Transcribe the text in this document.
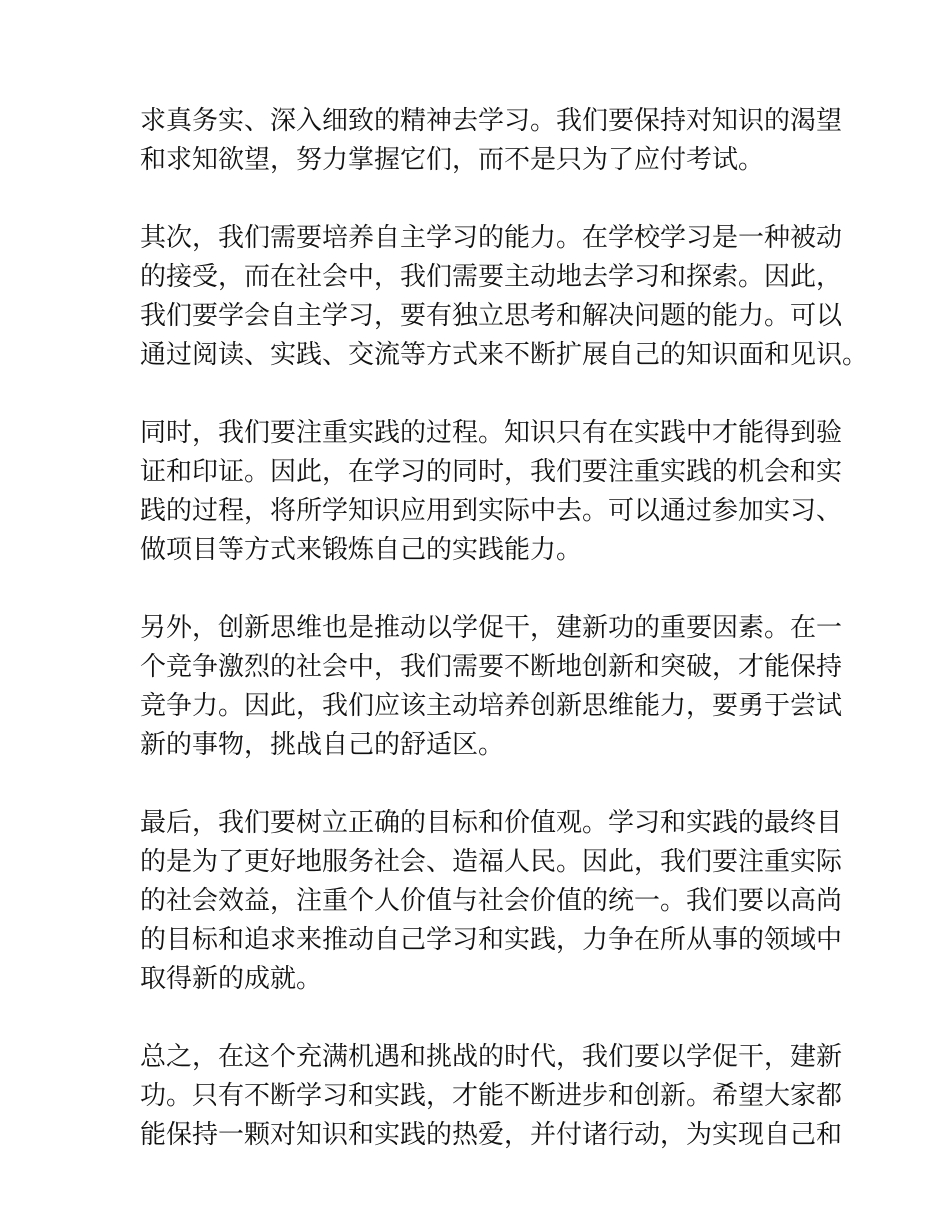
求真务实、深入细致的精神去学习。我们要保持对知识的渴望
和求知欲望，努力掌握它们，而不是只为了应付考试。
其次，我们需要培养自主学习的能力。在学校学习是一种被动
的接受，而在社会中，我们需要主动地去学习和探索。因此，
我们要学会自主学习，要有独立思考和解决问题的能力。可以
通过阅读、实践、交流等方式来不断扩展自己的知识面和见识。
同时，我们要注重实践的过程。知识只有在实践中才能得到验
证和印证。因此，在学习的同时，我们要注重实践的机会和实
践的过程，将所学知识应用到实际中去。可以通过参加实习、
做项目等方式来锻炼自己的实践能力。
另外，创新思维也是推动以学促干，建新功的重要因素。在一
个竞争激烈的社会中，我们需要不断地创新和突破，才能保持
竞争力。因此，我们应该主动培养创新思维能力，要勇于尝试
新的事物，挑战自己的舒适区。
最后，我们要树立正确的目标和价值观。学习和实践的最终目
的是为了更好地服务社会、造福人民。因此，我们要注重实际
的社会效益，注重个人价值与社会价值的统一。我们要以高尚
的目标和追求来推动自己学习和实践，力争在所从事的领域中
取得新的成就。
总之，在这个充满机遇和挑战的时代，我们要以学促干，建新
功。只有不断学习和实践，才能不断进步和创新。希望大家都
能保持一颗对知识和实践的热爱，并付诸行动，为实现自己和
